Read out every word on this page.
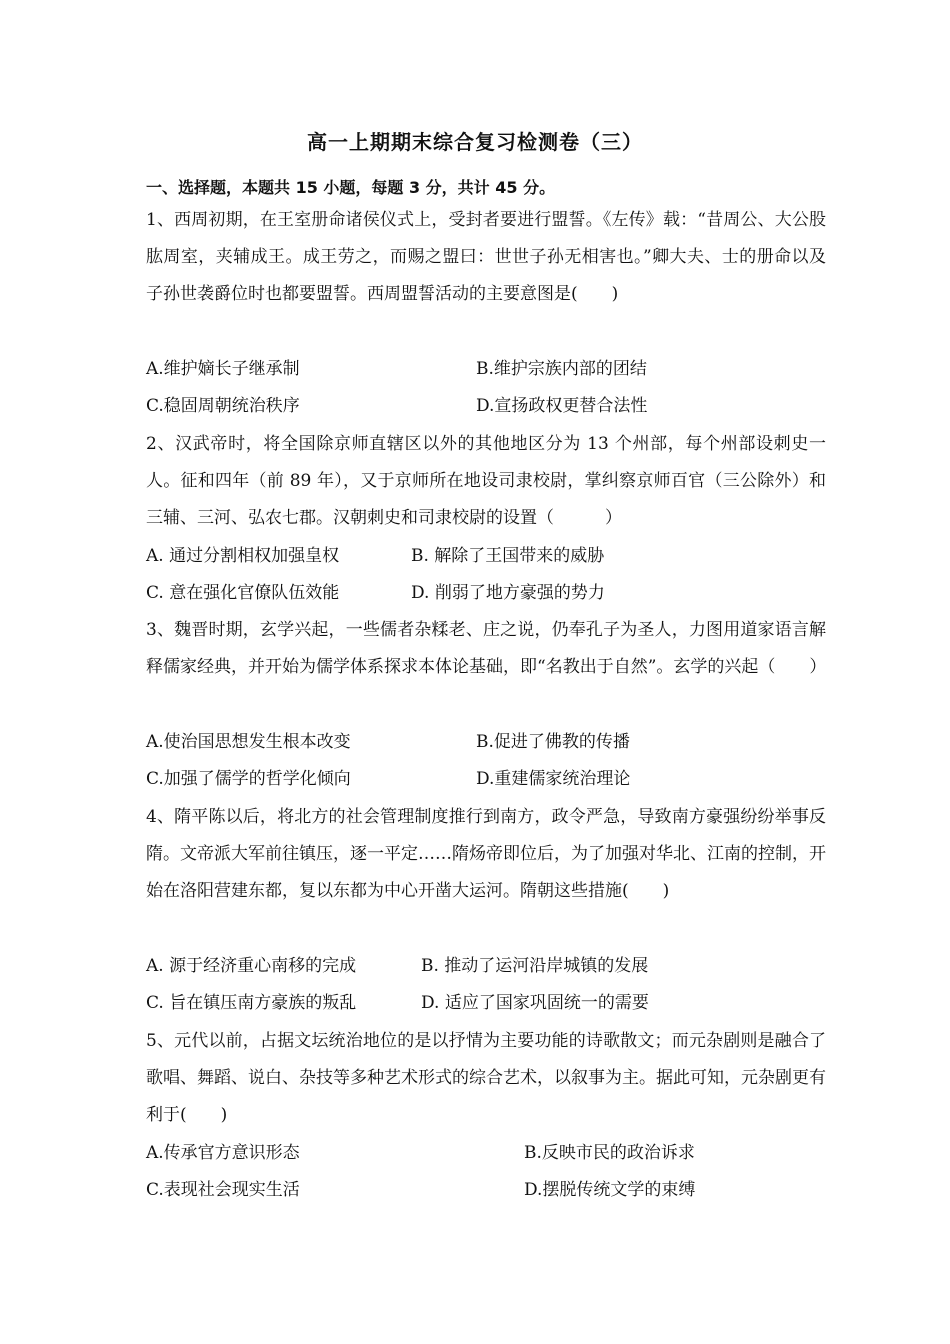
高一上期期末综合复习检测卷（三）
一、选择题，本题共 15 小题，每题 3 分，共计 45 分。
1、西周初期，在王室册命诸侯仪式上，受封者要进行盟誓。《左传》载：“昔周公、大公股肱周室，夹辅成王。成王劳之，而赐之盟曰：世世子孙无相害也。”卿大夫、士的册命以及子孙世袭爵位时也都要盟誓。西周盟誓活动的主要意图是(　　)
A.维护嫡长子继承制	B.维护宗族内部的团结
C.稳固周朝统治秩序	D.宣扬政权更替合法性
2、汉武帝时，将全国除京师直辖区以外的其他地区分为 13 个州部，每个州部设刺史一人。征和四年（前 89 年），又于京师所在地设司隶校尉，掌纠察京师百官（三公除外）和三辅、三河、弘农七郡。汉朝刺史和司隶校尉的设置（　　　）
A. 通过分割相权加强皇权	B. 解除了王国带来的威胁
C. 意在强化官僚队伍效能	D. 削弱了地方豪强的势力
3、魏晋时期，玄学兴起，一些儒者杂糅老、庄之说，仍奉孔子为圣人，力图用道家语言解释儒家经典，并开始为儒学体系探求本体论基础，即“名教出于自然”。玄学的兴起（　　）
A.使治国思想发生根本改变	B.促进了佛教的传播
C.加强了儒学的哲学化倾向	D.重建儒家统治理论
4、隋平陈以后，将北方的社会管理制度推行到南方，政令严急，导致南方豪强纷纷举事反隋。文帝派大军前往镇压，逐一平定……隋炀帝即位后，为了加强对华北、江南的控制，开始在洛阳营建东都，复以东都为中心开凿大运河。隋朝这些措施(　　)
A. 源于经济重心南移的完成	B. 推动了运河沿岸城镇的发展
C. 旨在镇压南方豪族的叛乱	D. 适应了国家巩固统一的需要
5、元代以前，占据文坛统治地位的是以抒情为主要功能的诗歌散文；而元杂剧则是融合了歌唱、舞蹈、说白、杂技等多种艺术形式的综合艺术，以叙事为主。据此可知，元杂剧更有利于(　　)
A.传承官方意识形态	B.反映市民的政治诉求
C.表现社会现实生活	D.摆脱传统文学的束缚
